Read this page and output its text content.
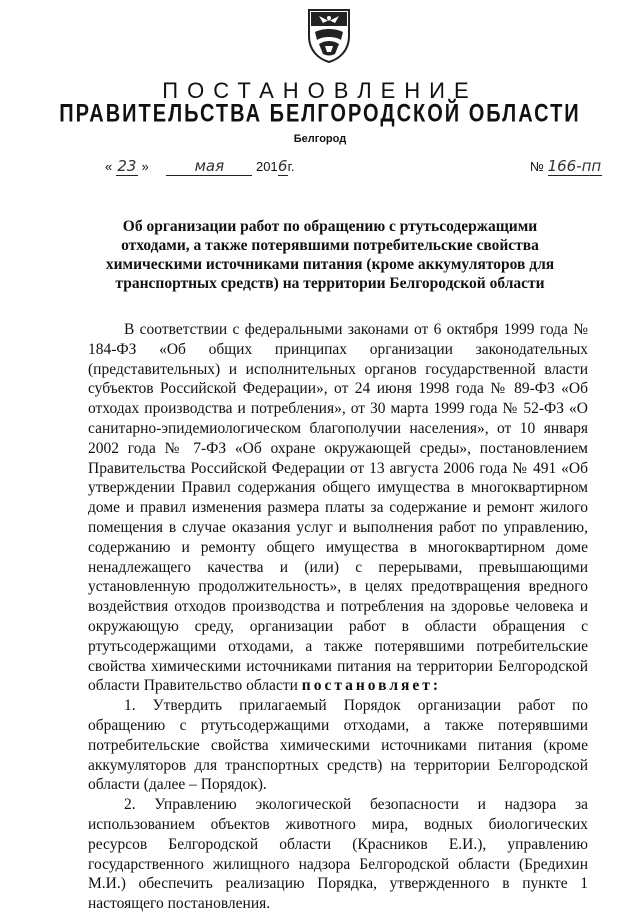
ПОСТАНОВЛЕНИЕ
ПРАВИТЕЛЬСТВА БЕЛГОРОДСКОЙ ОБЛАСТИ
Белгород
« 23 »	мая 2016г.	№ 166-пп
Об организации работ по обращению с ртутьсодержащими отходами, а также потерявшими потребительские свойства химическими источниками питания (кроме аккумуляторов для транспортных средств) на территории Белгородской области

В соответствии с федеральными законами от 6 октября 1999 года № 184-ФЗ «Об общих принципах организации законодательных (представительных) и исполнительных органов государственной власти субъектов Российской Федерации», от 24 июня 1998 года № 89-ФЗ «Об отходах производства и потребления», от 30 марта 1999 года № 52-ФЗ «О санитарно-эпидемиологическом благополучии населения», от 10 января 2002 года № 7-ФЗ «Об охране окружающей среды», постановлением Правительства Российской Федерации от 13 августа 2006 года № 491 «Об утверждении Правил содержания общего имущества в многоквартирном доме и правил изменения размера платы за содержание и ремонт жилого помещения в случае оказания услуг и выполнения работ по управлению, содержанию и ремонту общего имущества в многоквартирном доме ненадлежащего качества и (или) с перерывами, превышающими установленную продолжительность», в целях предотвращения вредного воздействия отходов производства и потребления на здоровье человека и окружающую среду, организации работ в области обращения с ртутьсодержащими отходами, а также потерявшими потребительские свойства химическими источниками питания на территории Белгородской области Правительство области постановляет:

1. Утвердить прилагаемый Порядок организации работ по обращению с ртутьсодержащими отходами, а также потерявшими потребительские свойства химическими источниками питания (кроме аккумуляторов для транспортных средств) на территории Белгородской области (далее – Порядок).

2. Управлению экологической безопасности и надзора за использованием объектов животного мира, водных биологических ресурсов Белгородской области (Красников Е.И.), управлению государственного жилищного надзора Белгородской области (Бредихин М.И.) обеспечить реализацию Порядка, утвержденного в пункте 1 настоящего постановления.
